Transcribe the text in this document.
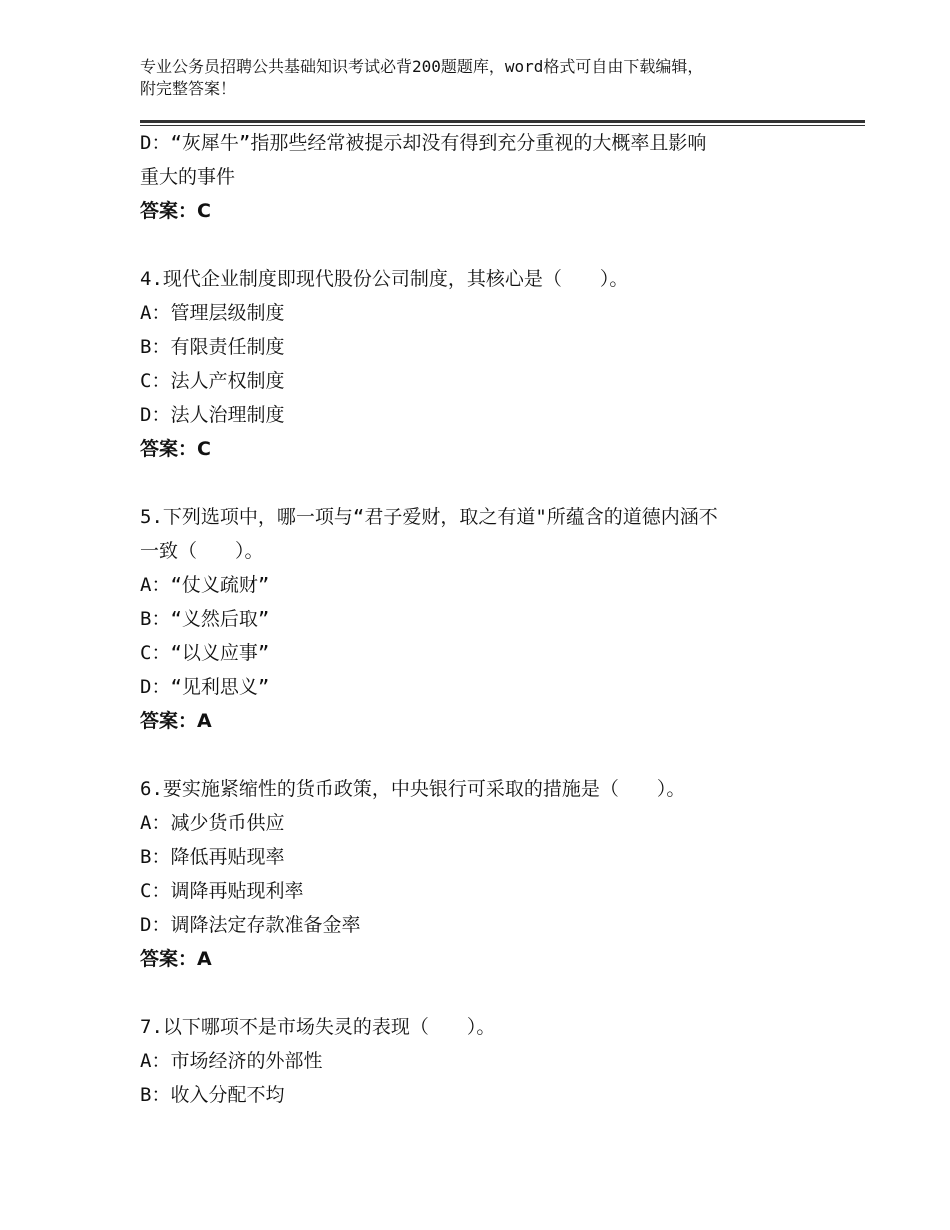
专业公务员招聘公共基础知识考试必背200题题库，word格式可自由下载编辑，
附完整答案！
D：“灰犀牛”指那些经常被提示却没有得到充分重视的大概率且影响
重大的事件
答案：C
4.现代企业制度即现代股份公司制度，其核心是（　　）。
A：管理层级制度
B：有限责任制度
C：法人产权制度
D：法人治理制度
答案：C
5.下列选项中，哪一项与“君子爱财，取之有道"所蕴含的道德内涵不
一致（　　）。
A：“仗义疏财”
B：“义然后取”
C：“以义应事”
D：“见利思义”
答案：A
6.要实施紧缩性的货币政策，中央银行可采取的措施是（　　）。
A：减少货币供应
B：降低再贴现率
C：调降再贴现利率
D：调降法定存款准备金率
答案：A
7.以下哪项不是市场失灵的表现（　　）。
A：市场经济的外部性
B：收入分配不均
